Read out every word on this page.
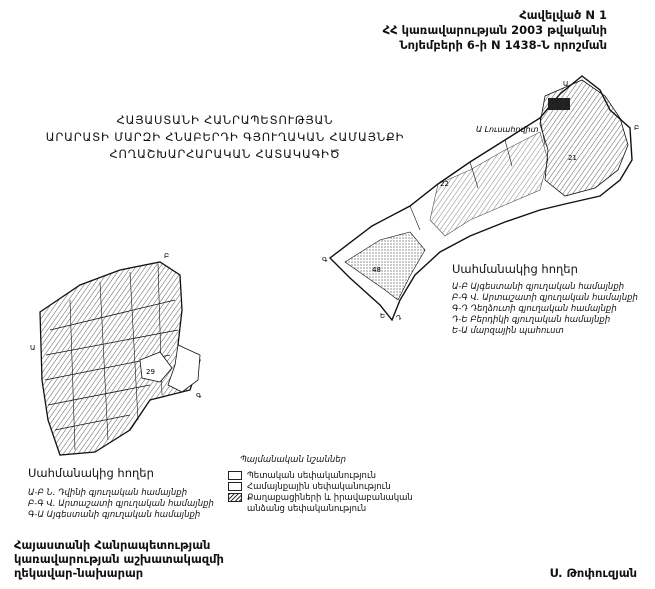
Հավելված N 1
ՀՀ կառավարության 2003 թվականի
Նոյեմբերի 6-ի N 1438-Ն որոշման
ՀԱՅԱՍՏԱՆԻ ՀԱՆՐԱՊԵՏՈՒԹՅԱՆ
ԱՐԱՐԱՏԻ ՄԱՐԶԻ ՀՆԱԲԵՐԴԻ ԳՅՈՒՂԱԿԱՆ ՀԱՄԱՅՆՔԻ
ՀՈՂԱՇԽԱՐՀԱՐԱԿԱՆ ՀԱՏԱԿԱԳԻԾ
Ա
Բ
Գ
Դ
Ե
21
22
48
Ա Լուսահովիտ
Ա
Բ
Գ
29
Սահմանակից հողեր
Ա-Բ Այգեստանի գյուղական համայնքի
Բ-Գ Վ. Արտաշատի գյուղական համայնքի
Գ-Դ Դեղձուտի գյուղական համայնքի
Դ-Ե Բերդիկի գյուղական համայնքի
Ե-Ա մարզային պահուստ
Պայմանական նշաններ
Պետական սեփականություն
Համայնքային սեփականություն
Քաղաքացիների և իրավաբանական
անձանց սեփականություն
Սահմանակից հողեր
Ա-Բ Ն. Դվինի գյուղական համայնքի
Բ-Գ Վ. Արտաշատի գյուղական համայնքի
Գ-Ա Այգեստանի գյուղական համայնքի
Հայաստանի Հանրապետության
կառավարության աշխատակազմի
ղեկավար-նախարար	Ս. Թոփուզյան
